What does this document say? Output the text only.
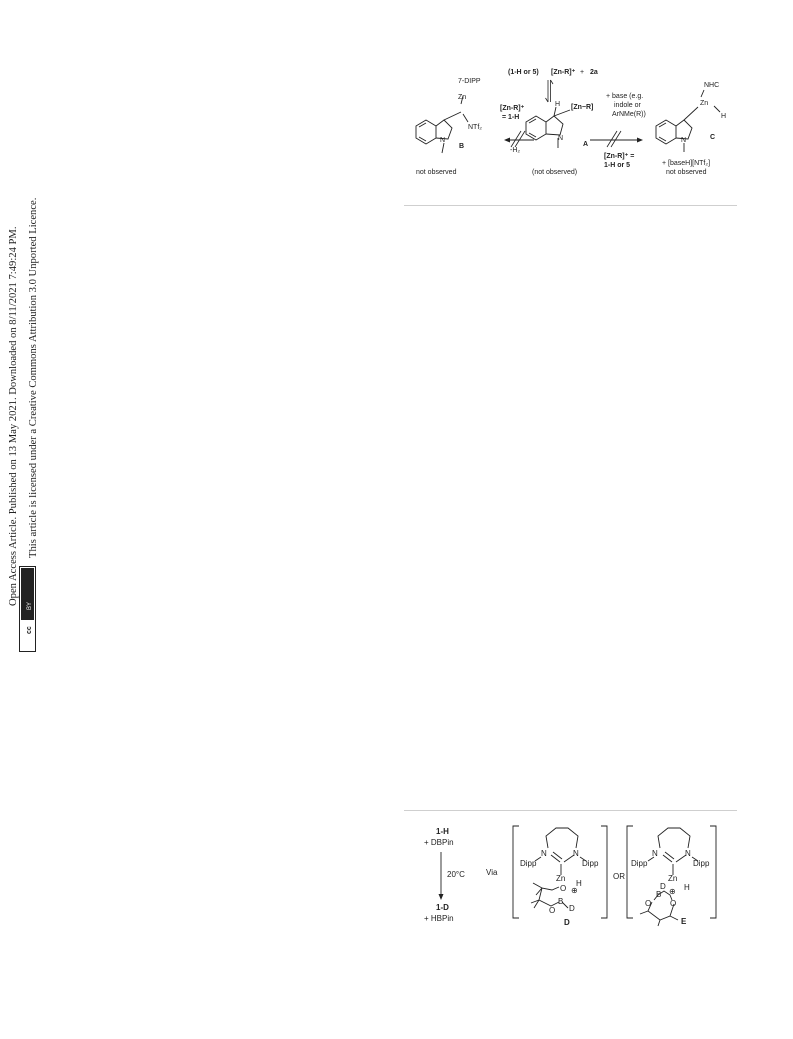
Open Access Article. Published on 13 May 2021. Downloaded on 8/11/2021 7:49:24 PM. This article is licensed under a Creative Commons Attribution 3.0 Unported Licence.
cc
BY
(1-H or 5) [Zn-R]⁺ + 2a
H [Zn−R]
N
A
(not observed)
[Zn-R]⁺
= 1-H
-H₂
7-DIPP
Zn
NTf₂
N
B
not observed
+ base (e.g.
indole or
ArNMe(R))
[Zn-R]⁺ =
1-H or 5
NHC
Zn
H
N	C
+ [baseH][NTf₂]
not observed
1-H
+ DBPin
20°C
1-D
+ HBPin
Via
N	N
Dipp	Dipp
Zn
H
O ⊕
B
D
O
D
OR
N	N
Dipp	Dipp
Zn
D H
⊕
B
O O
E
